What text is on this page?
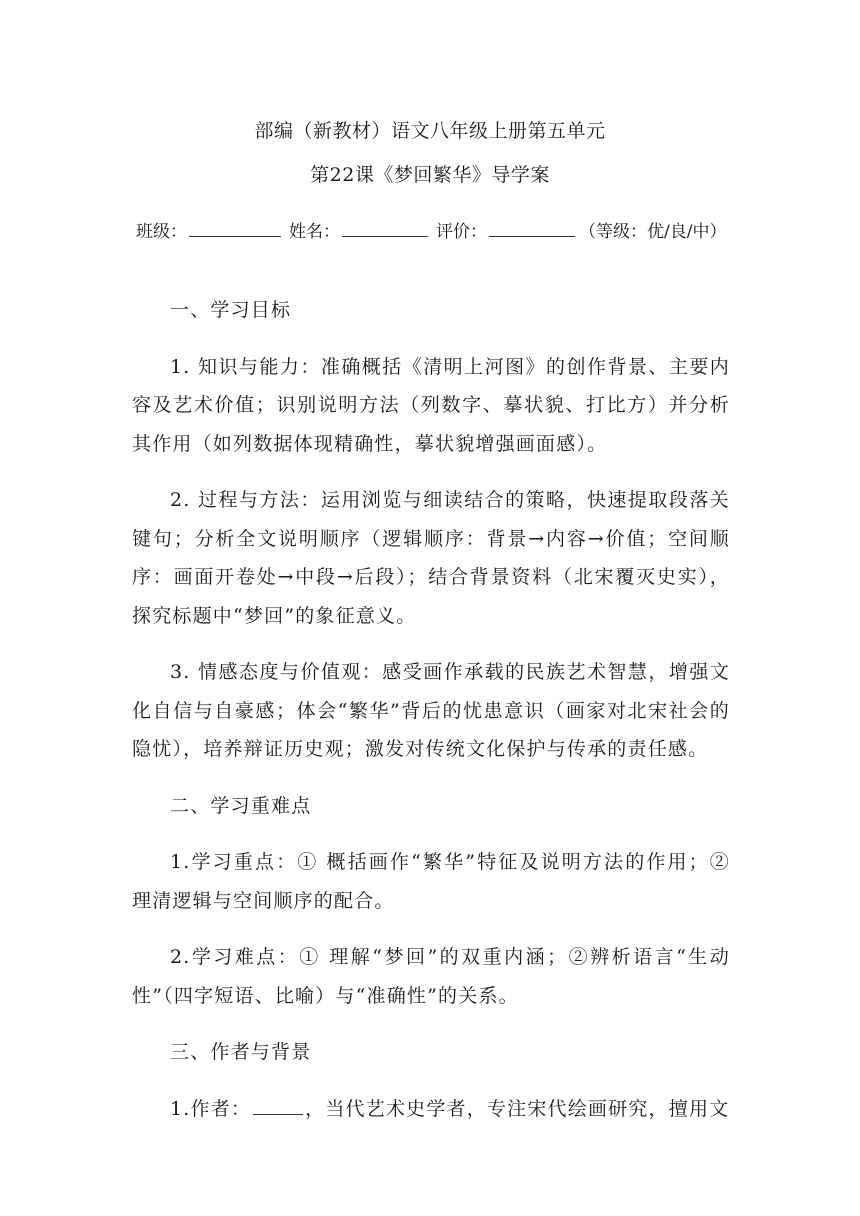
部编（新教材）语文八年级上册第五单元
第22课《梦回繁华》导学案
班级：	姓名：	评价：	（等级：优/良/中）

一、学习目标

1. 知识与能力：准确概括《清明上河图》的创作背景、主要内容及艺术价值；识别说明方法（列数字、摹状貌、打比方）并分析其作用（如列数据体现精确性，摹状貌增强画面感）。

2. 过程与方法：运用浏览与细读结合的策略，快速提取段落关键句；分析全文说明顺序（逻辑顺序：背景→内容→价值；空间顺序：画面开卷处→中段→后段）；结合背景资料（北宋覆灭史实），探究标题中“梦回”的象征意义。

3. 情感态度与价值观：感受画作承载的民族艺术智慧，增强文化自信与自豪感；体会“繁华”背后的忧患意识（画家对北宋社会的隐忧），培养辩证历史观；激发对传统文化保护与传承的责任感。

二、学习重难点

1.学习重点：① 概括画作“繁华”特征及说明方法的作用；② 理清逻辑与空间顺序的配合。

2.学习难点：① 理解“梦回”的双重内涵；②辨析语言“生动性”（四字短语、比喻）与“准确性”的关系。

三、作者与背景

1.作者：	，当代艺术史学者，专注宋代绘画研究，擅用文
